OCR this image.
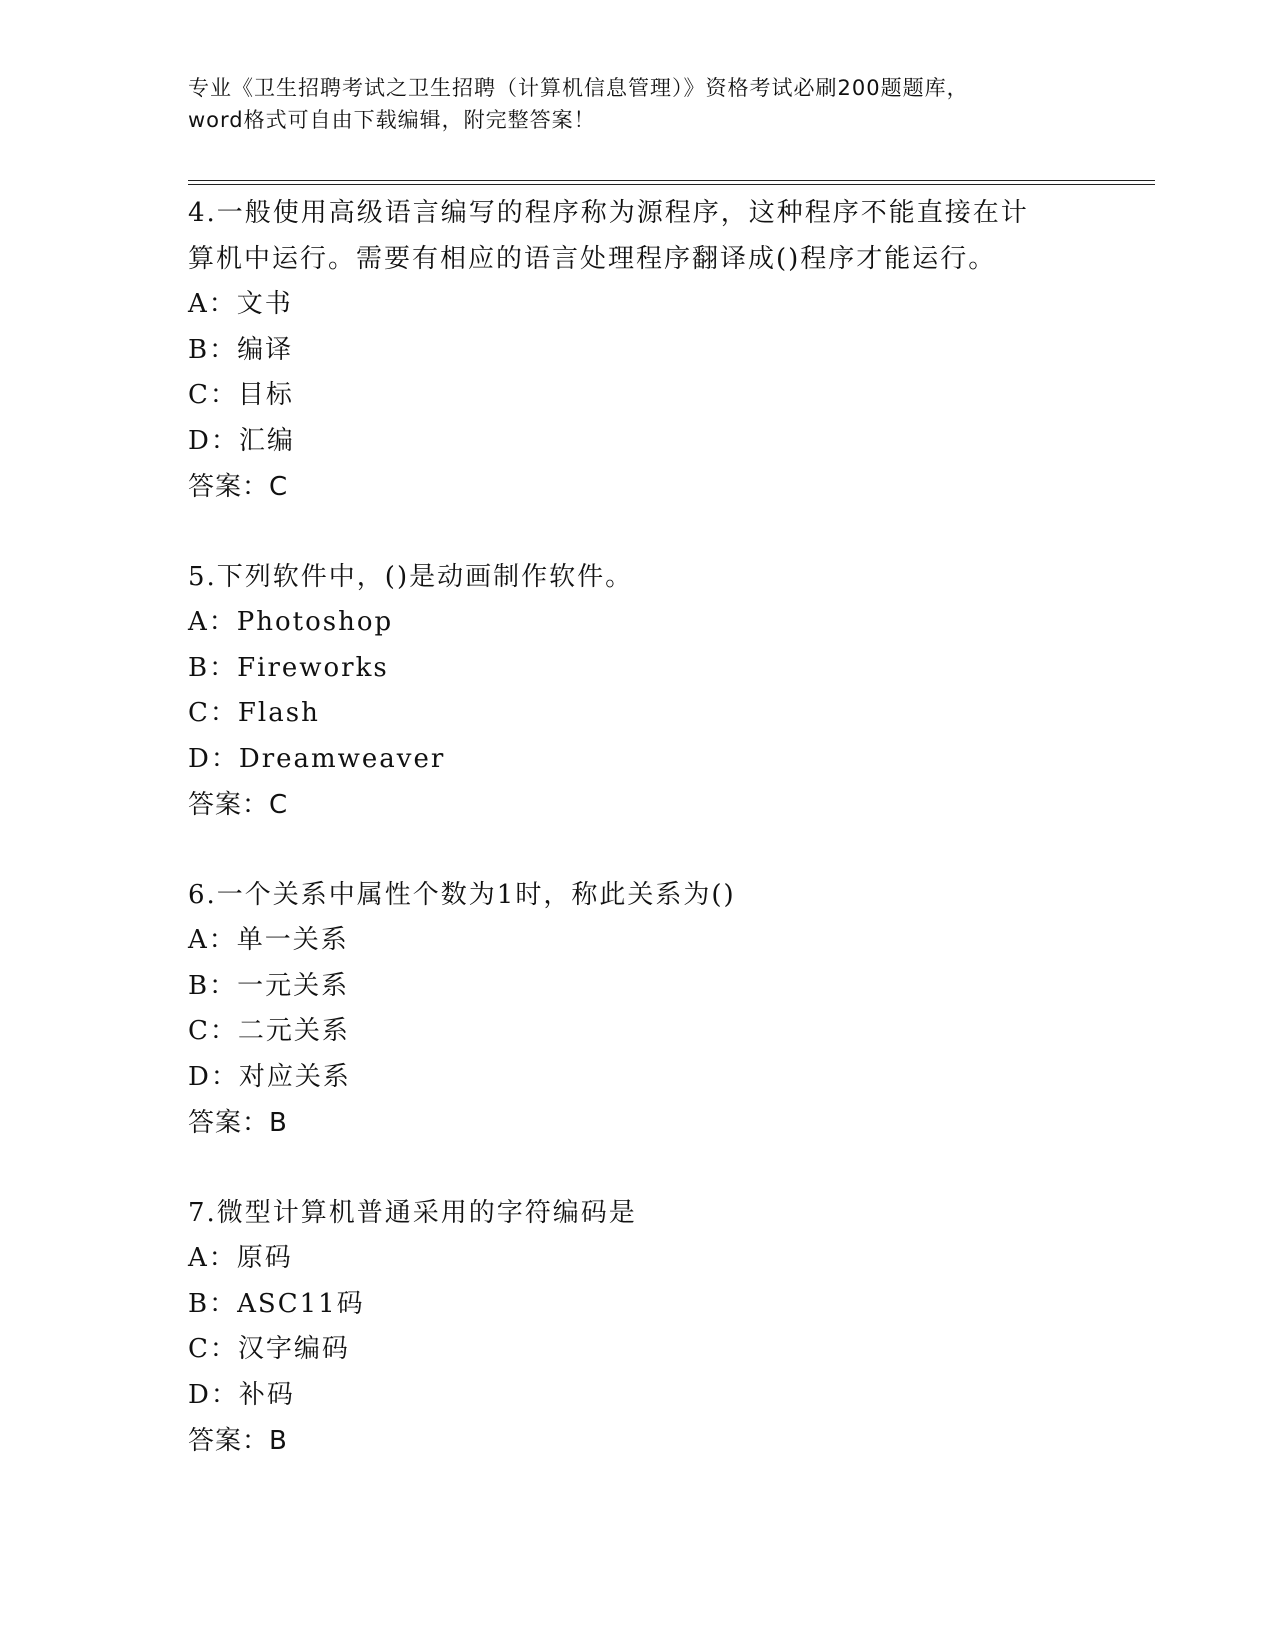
专业《卫生招聘考试之卫生招聘（计算机信息管理）》资格考试必刷200题题库，
word格式可自由下载编辑，附完整答案！

4.一般使用高级语言编写的程序称为源程序，这种程序不能直接在计

算机中运行。需要有相应的语言处理程序翻译成()程序才能运行。

A：文书

B：编译

C：目标

D：汇编

答案：C

5.下列软件中，()是动画制作软件。

A：Photoshop

B：Fireworks

C：Flash

D：Dreamweaver

答案：C

6.一个关系中属性个数为1时，称此关系为()

A：单一关系

B：一元关系

C：二元关系

D：对应关系

答案：B

7.微型计算机普通采用的字符编码是

A：原码

B：ASC11码

C：汉字编码

D：补码

答案：B
